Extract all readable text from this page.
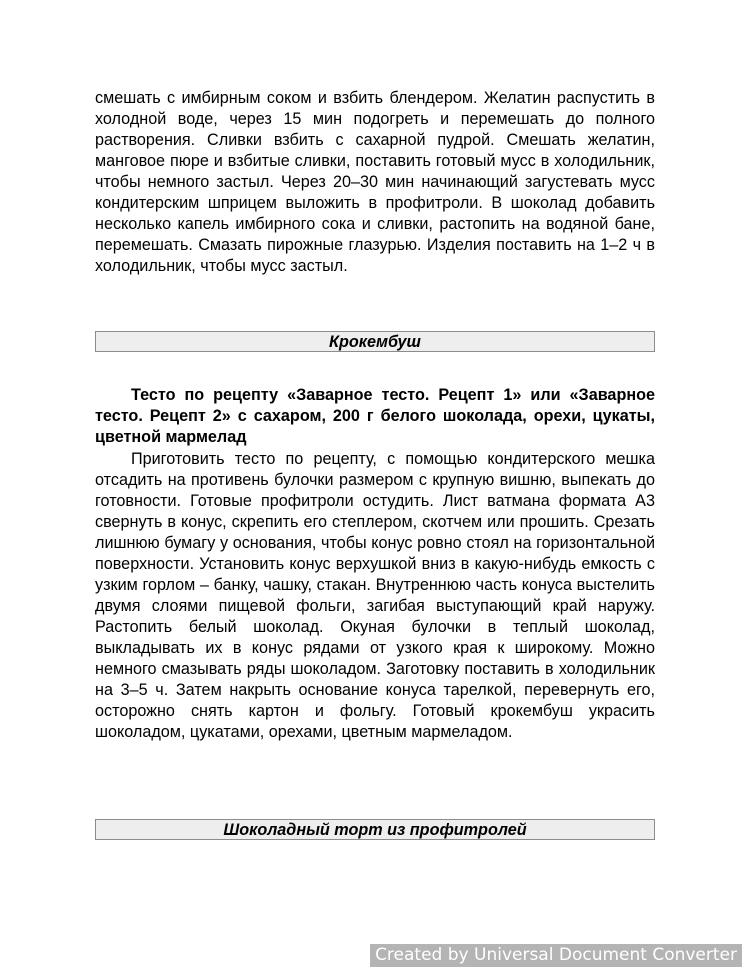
смешать с имбирным соком и взбить блендером. Желатин распустить в холодной воде, через 15 мин подогреть и перемешать до полного растворения. Сливки взбить с сахарной пудрой. Смешать желатин, манговое пюре и взбитые сливки, поставить готовый мусс в холодильник, чтобы немного застыл. Через 20–30 мин начинающий загустевать мусс кондитерским шприцем выложить в профитроли. В шоколад добавить несколько капель имбирного сока и сливки, растопить на водяной бане, перемешать. Смазать пирожные глазурью. Изделия поставить на 1–2 ч в холодильник, чтобы мусс застыл.

Крокембуш

Тесто по рецепту «Заварное тесто. Рецепт 1» или «Заварное тесто. Рецепт 2» с сахаром, 200 г белого шоколада, орехи, цукаты, цветной мармелад

Приготовить тесто по рецепту, с помощью кондитерского мешка отсадить на противень булочки размером с крупную вишню, выпекать до готовности. Готовые профитроли остудить. Лист ватмана формата А3 свернуть в конус, скрепить его степлером, скотчем или прошить. Срезать лишнюю бумагу у основания, чтобы конус ровно стоял на горизонтальной поверхности. Установить конус верхушкой вниз в какую-нибудь емкость с узким горлом – банку, чашку, стакан. Внутреннюю часть конуса выстелить двумя слоями пищевой фольги, загибая выступающий край наружу. Растопить белый шоколад. Окуная булочки в теплый шоколад, выкладывать их в конус рядами от узкого края к широкому. Можно немного смазывать ряды шоколадом. Заготовку поставить в холодильник на 3–5 ч. Затем накрыть основание конуса тарелкой, перевернуть его, осторожно снять картон и фольгу. Готовый крокембуш украсить шоколадом, цукатами, орехами, цветным мармеладом.

Шоколадный торт из профитролей
Created by Universal Document Converter
